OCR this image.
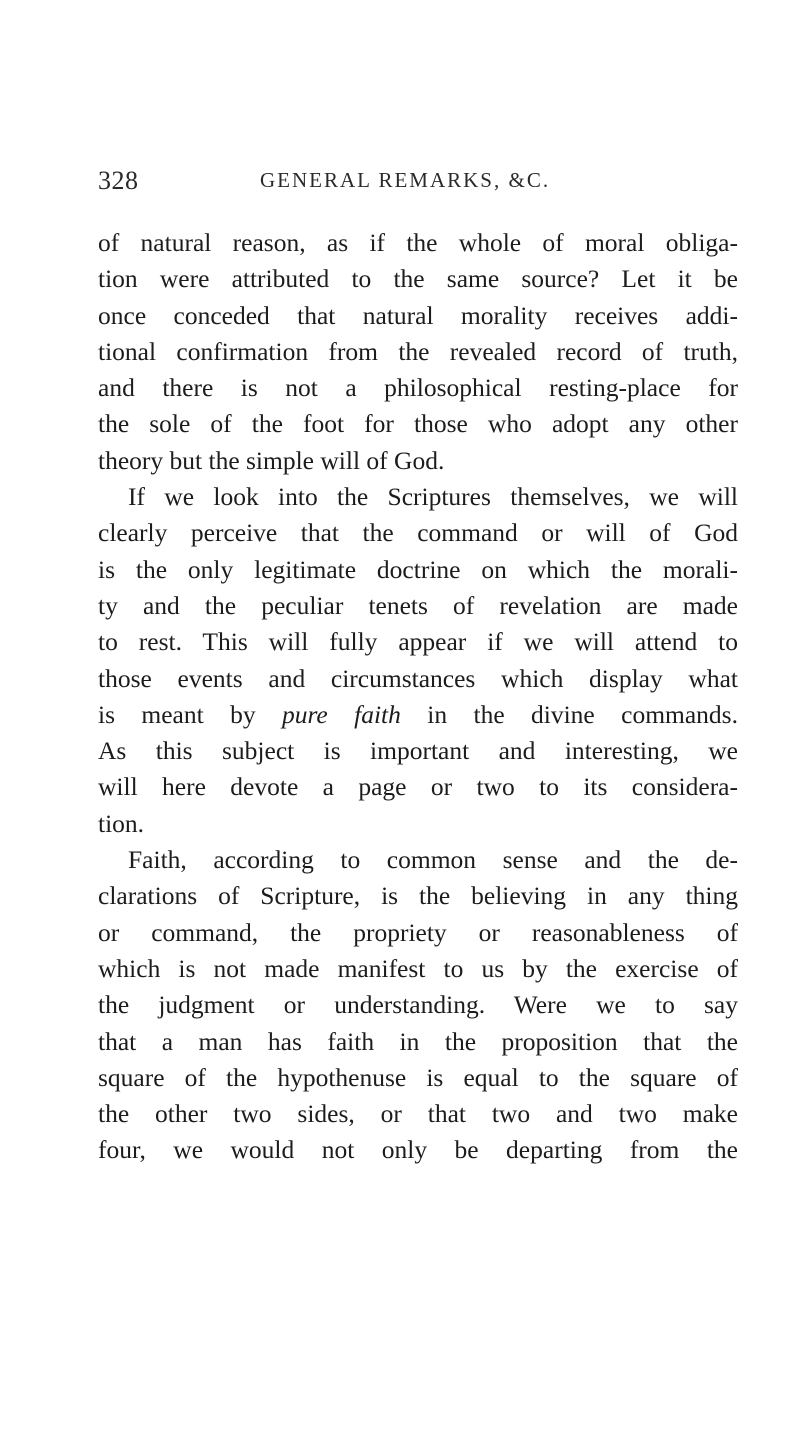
328	GENERAL REMARKS, &C.
of natural reason, as if the whole of moral obliga-
tion were attributed to the same source? Let it be
once conceded that natural morality receives addi-
tional confirmation from the revealed record of truth,
and there is not a philosophical resting-place for
the sole of the foot for those who adopt any other
theory but the simple will of God.
If we look into the Scriptures themselves, we will
clearly perceive that the command or will of God
is the only legitimate doctrine on which the morali-
ty and the peculiar tenets of revelation are made
to rest. This will fully appear if we will attend to
those events and circumstances which display what
is meant by pure faith in the divine commands.
As this subject is important and interesting, we
will here devote a page or two to its considera-
tion.
Faith, according to common sense and the de-
clarations of Scripture, is the believing in any thing
or command, the propriety or reasonableness of
which is not made manifest to us by the exercise of
the judgment or understanding. Were we to say
that a man has faith in the proposition that the
square of the hypothenuse is equal to the square of
the other two sides, or that two and two make
four, we would not only be departing from the
